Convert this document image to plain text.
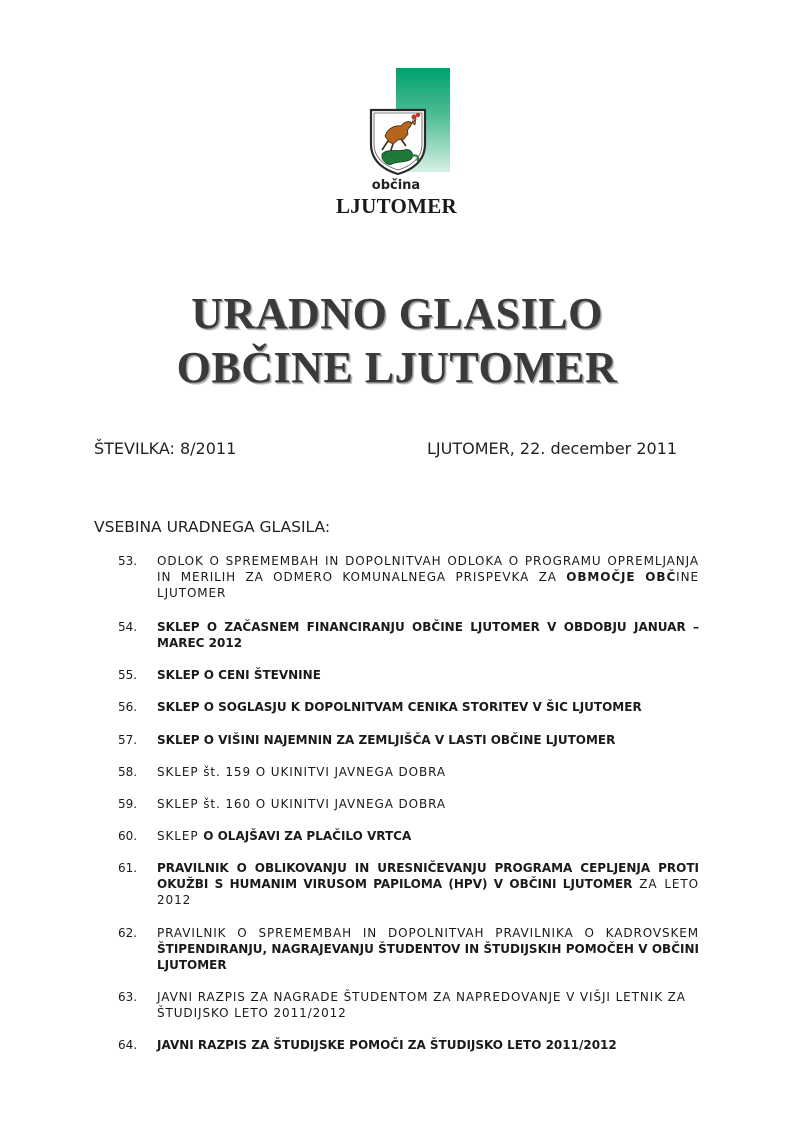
občina
LJUTOMER
URADNO GLASILO
OBČINE LJUTOMER
ŠTEVILKA: 8/2011	LJUTOMER, 22. december 2011
VSEBINA URADNEGA GLASILA:
53.	ODLOK O SPREMEMBAH IN DOPOLNITVAH ODLOKA O PROGRAMU OPREMLJANJA IN MERILIH ZA ODMERO KOMUNALNEGA PRISPEVKA ZA OBMOČJE OBČINE LJUTOMER
54.	SKLEP O ZAČASNEM FINANCIRANJU OBČINE LJUTOMER V OBDOBJU JANUAR – MAREC 2012
55.	SKLEP O CENI ŠTEVNINE
56.	SKLEP O SOGLASJU K DOPOLNITVAM CENIKA STORITEV V ŠIC LJUTOMER
57.	SKLEP O VIŠINI NAJEMNIN ZA ZEMLJIŠČA V LASTI OBČINE LJUTOMER
58.	SKLEP št. 159 O UKINITVI JAVNEGA DOBRA
59.	SKLEP št. 160 O UKINITVI JAVNEGA DOBRA
60.	SKLEP O OLAJŠAVI ZA PLAČILO VRTCA
61.	PRAVILNIK O OBLIKOVANJU IN URESNIČEVANJU PROGRAMA CEPLJENJA PROTI OKUŽBI S HUMANIM VIRUSOM PAPILOMA (HPV) V OBČINI LJUTOMER ZA LETO 2012
62.	PRAVILNIK O SPREMEMBAH IN DOPOLNITVAH PRAVILNIKA O KADROVSKEM ŠTIPENDIRANJU, NAGRAJEVANJU ŠTUDENTOV IN ŠTUDIJSKIH POMOČEH V OBČINI LJUTOMER
63.	JAVNI RAZPIS ZA NAGRADE ŠTUDENTOM ZA NAPREDOVANJE V VIŠJI LETNIK ZA ŠTUDIJSKO LETO 2011/2012
64.	JAVNI RAZPIS ZA ŠTUDIJSKE POMOČI ZA ŠTUDIJSKO LETO 2011/2012
